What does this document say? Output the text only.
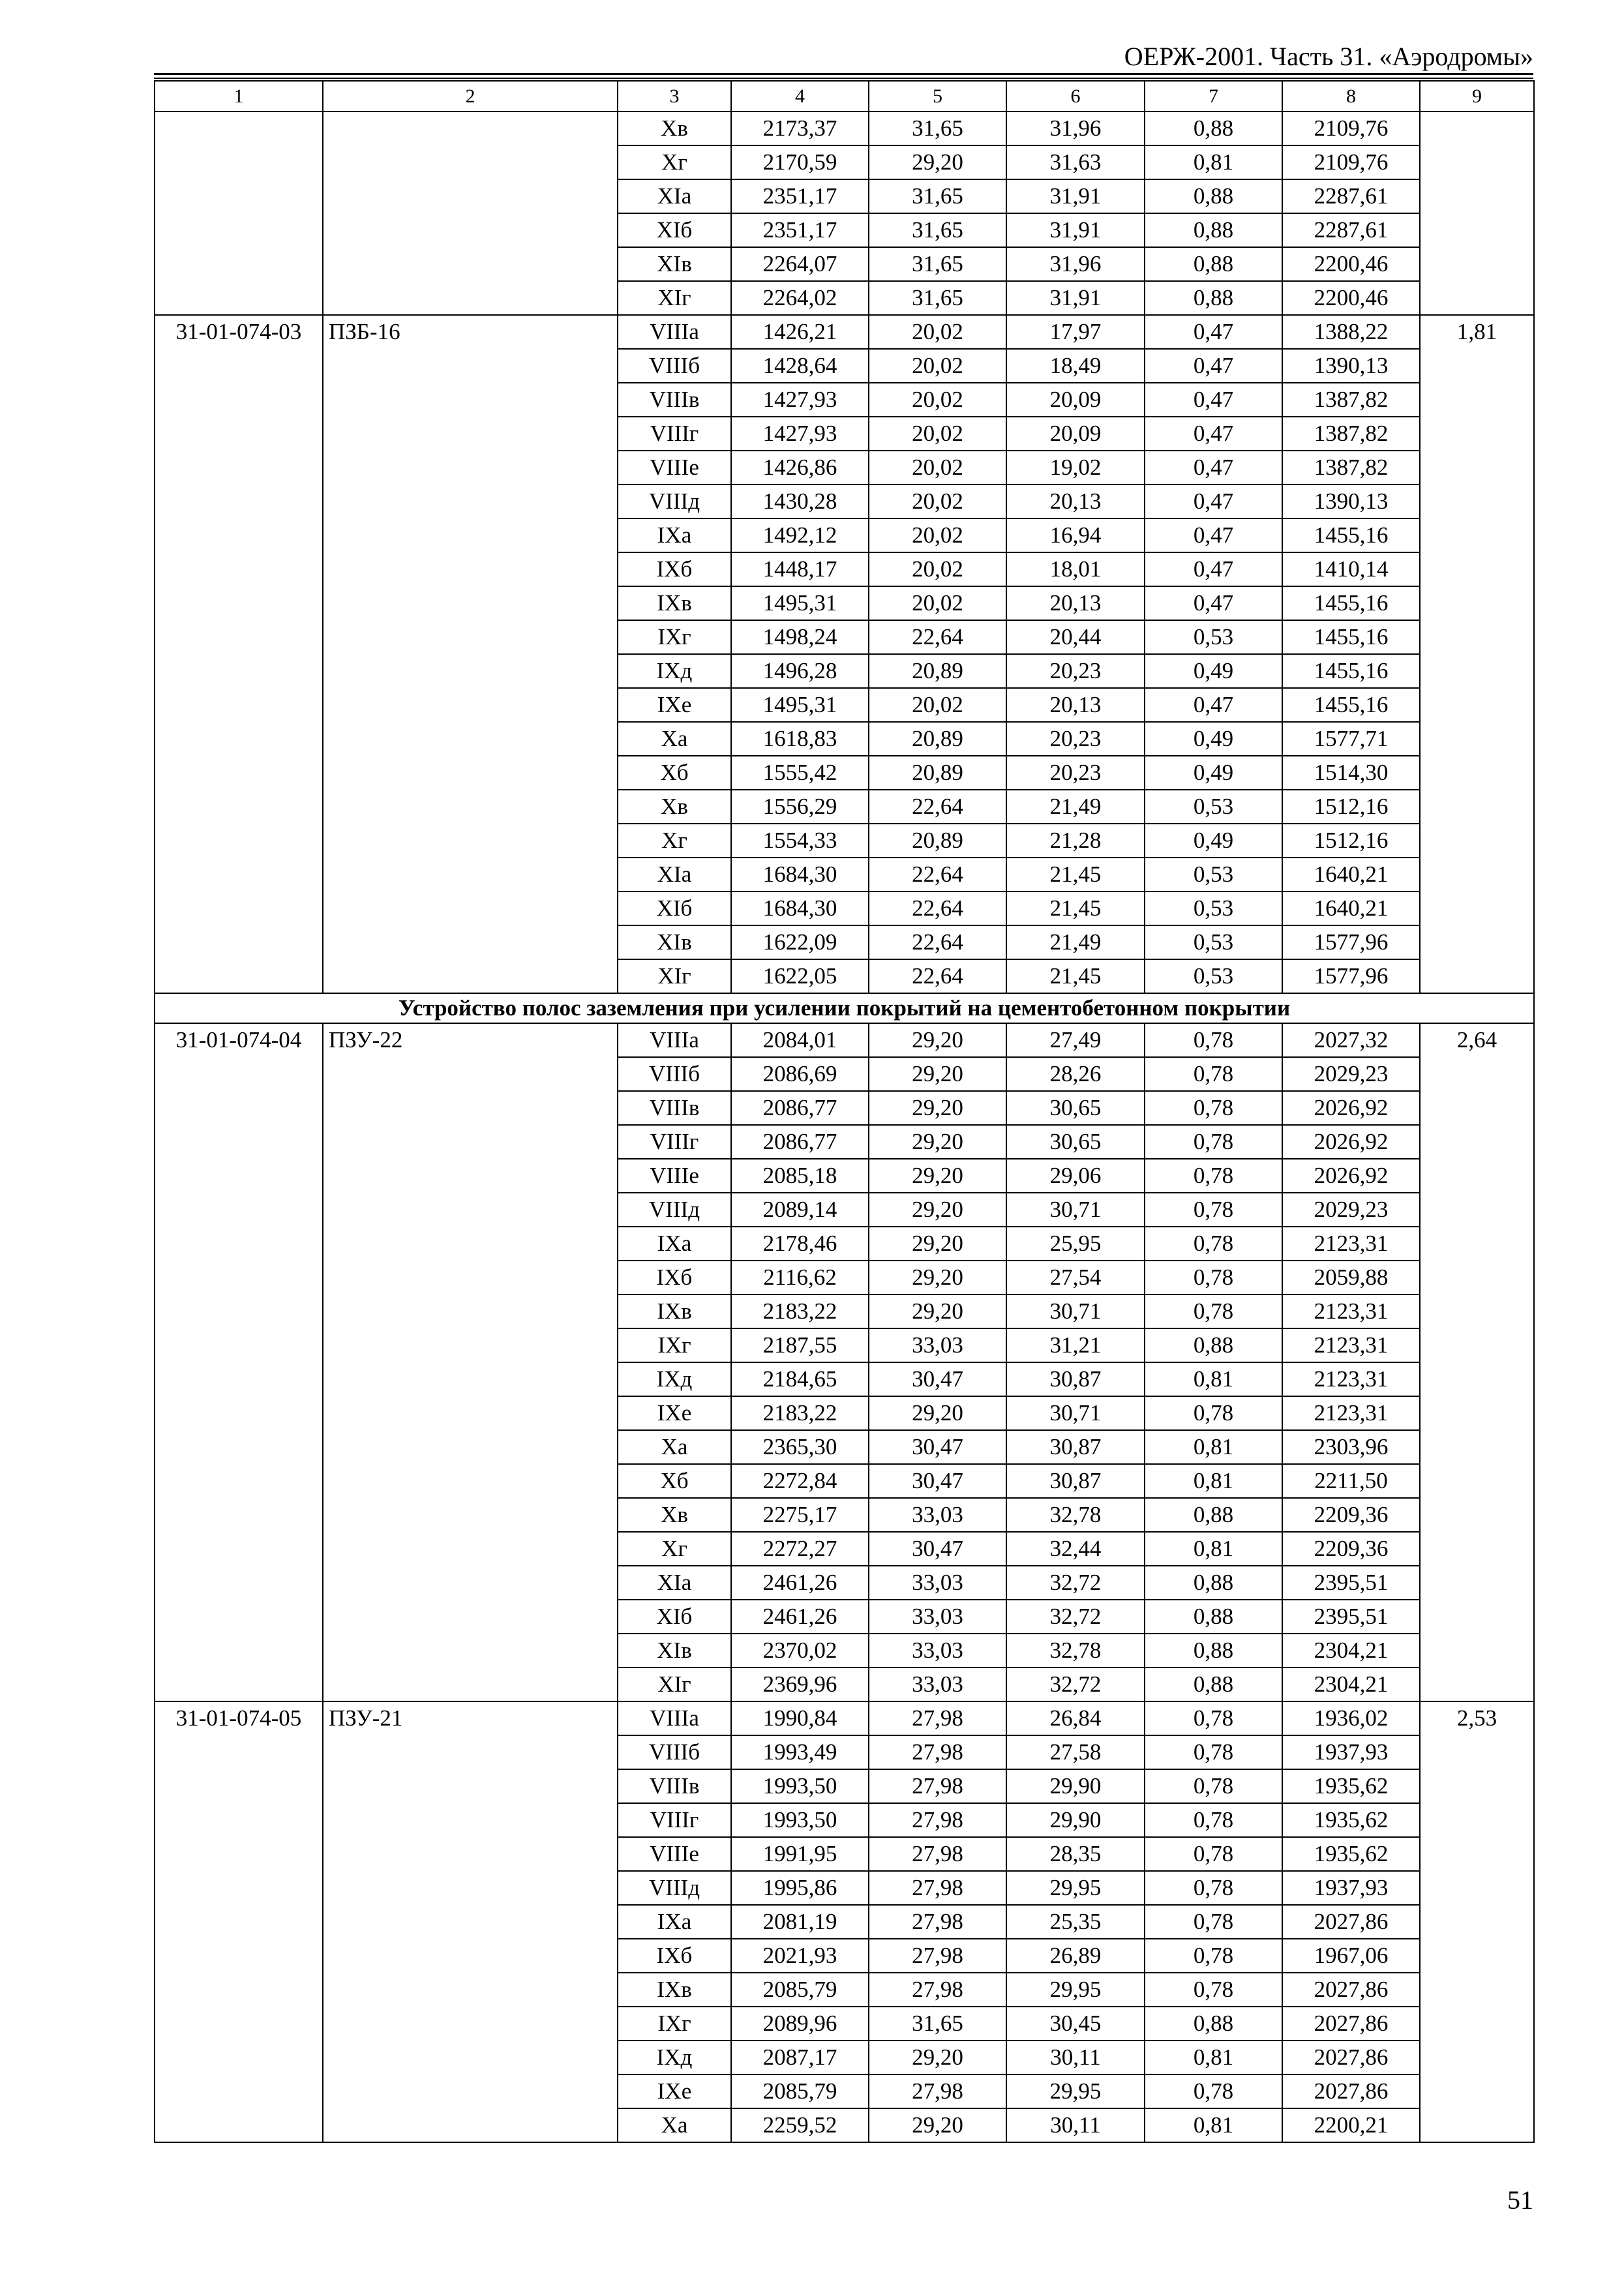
ОЕРЖ-2001. Часть 31. «Аэродромы»
1	2	3	4	5	6	7	8	9
		Хв	2173,37	31,65	31,96	0,88	2109,76	
		Хг	2170,59	29,20	31,63	0,81	2109,76	
		XIа	2351,17	31,65	31,91	0,88	2287,61	
		XIб	2351,17	31,65	31,91	0,88	2287,61	
		XIв	2264,07	31,65	31,96	0,88	2200,46	
		XIг	2264,02	31,65	31,91	0,88	2200,46	
31-01-074-03	ПЗБ-16	VIIIа	1426,21	20,02	17,97	0,47	1388,22	1,81
		VIIIб	1428,64	20,02	18,49	0,47	1390,13	
		VIIIв	1427,93	20,02	20,09	0,47	1387,82	
		VIIIг	1427,93	20,02	20,09	0,47	1387,82	
		VIIIе	1426,86	20,02	19,02	0,47	1387,82	
		VIIIд	1430,28	20,02	20,13	0,47	1390,13	
		IXа	1492,12	20,02	16,94	0,47	1455,16	
		IXб	1448,17	20,02	18,01	0,47	1410,14	
		IXв	1495,31	20,02	20,13	0,47	1455,16	
		IXг	1498,24	22,64	20,44	0,53	1455,16	
		IXд	1496,28	20,89	20,23	0,49	1455,16	
		IXе	1495,31	20,02	20,13	0,47	1455,16	
		Ха	1618,83	20,89	20,23	0,49	1577,71	
		Хб	1555,42	20,89	20,23	0,49	1514,30	
		Хв	1556,29	22,64	21,49	0,53	1512,16	
		Хг	1554,33	20,89	21,28	0,49	1512,16	
		XIа	1684,30	22,64	21,45	0,53	1640,21	
		XIб	1684,30	22,64	21,45	0,53	1640,21	
		XIв	1622,09	22,64	21,49	0,53	1577,96	
		XIг	1622,05	22,64	21,45	0,53	1577,96	
Устройство полос заземления при усилении покрытий на цементобетонном покрытии								
31-01-074-04	ПЗУ-22	VIIIа	2084,01	29,20	27,49	0,78	2027,32	2,64
		VIIIб	2086,69	29,20	28,26	0,78	2029,23	
		VIIIв	2086,77	29,20	30,65	0,78	2026,92	
		VIIIг	2086,77	29,20	30,65	0,78	2026,92	
		VIIIе	2085,18	29,20	29,06	0,78	2026,92	
		VIIIд	2089,14	29,20	30,71	0,78	2029,23	
		IXа	2178,46	29,20	25,95	0,78	2123,31	
		IXб	2116,62	29,20	27,54	0,78	2059,88	
		IXв	2183,22	29,20	30,71	0,78	2123,31	
		IXг	2187,55	33,03	31,21	0,88	2123,31	
		IXд	2184,65	30,47	30,87	0,81	2123,31	
		IXе	2183,22	29,20	30,71	0,78	2123,31	
		Ха	2365,30	30,47	30,87	0,81	2303,96	
		Хб	2272,84	30,47	30,87	0,81	2211,50	
		Хв	2275,17	33,03	32,78	0,88	2209,36	
		Хг	2272,27	30,47	32,44	0,81	2209,36	
		XIа	2461,26	33,03	32,72	0,88	2395,51	
		XIб	2461,26	33,03	32,72	0,88	2395,51	
		XIв	2370,02	33,03	32,78	0,88	2304,21	
		XIг	2369,96	33,03	32,72	0,88	2304,21	
31-01-074-05	ПЗУ-21	VIIIа	1990,84	27,98	26,84	0,78	1936,02	2,53
		VIIIб	1993,49	27,98	27,58	0,78	1937,93	
		VIIIв	1993,50	27,98	29,90	0,78	1935,62	
		VIIIг	1993,50	27,98	29,90	0,78	1935,62	
		VIIIе	1991,95	27,98	28,35	0,78	1935,62	
		VIIIд	1995,86	27,98	29,95	0,78	1937,93	
		IXа	2081,19	27,98	25,35	0,78	2027,86	
		IXб	2021,93	27,98	26,89	0,78	1967,06	
		IXв	2085,79	27,98	29,95	0,78	2027,86	
		IXг	2089,96	31,65	30,45	0,88	2027,86	
		IXд	2087,17	29,20	30,11	0,81	2027,86	
		IXе	2085,79	27,98	29,95	0,78	2027,86	
		Ха	2259,52	29,20	30,11	0,81	2200,21	
51
